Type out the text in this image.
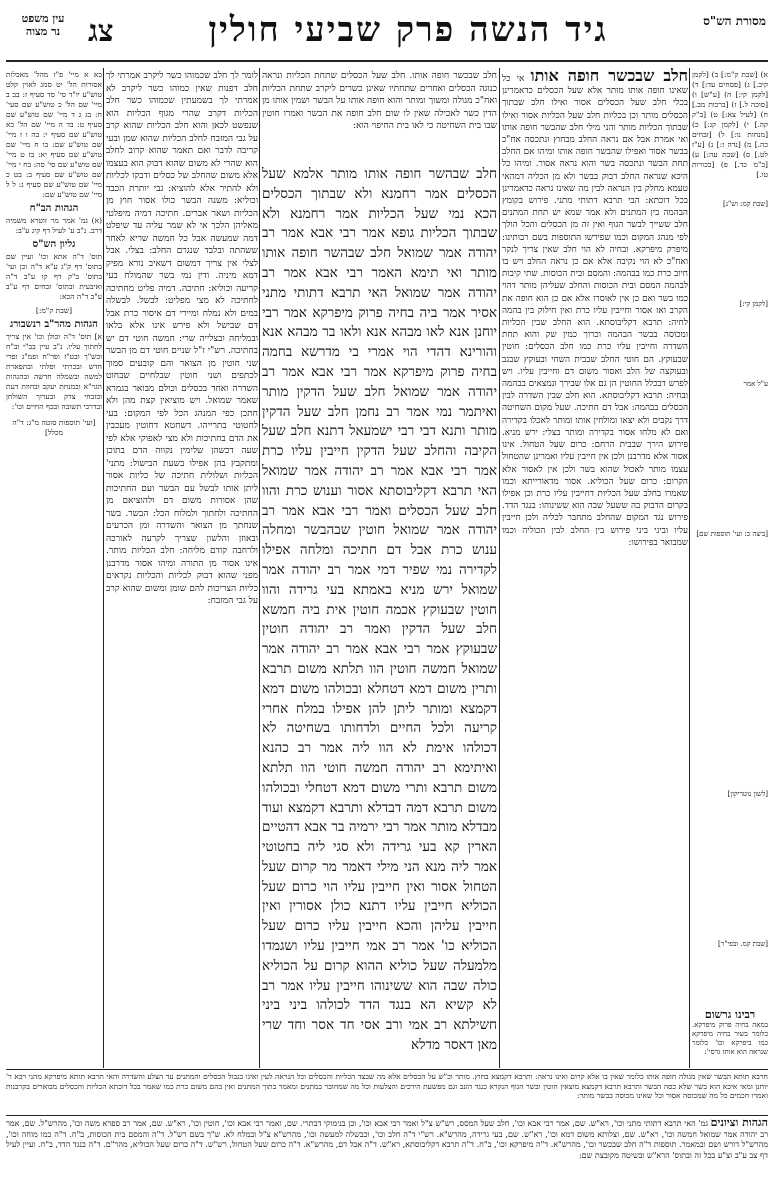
מסורת הש"ס
גיד הנשה פרק שביעי חולין
צג
עין משפט
נר מצוה

א) [שבת ק"מ:] ב) [לקמן קיב.] ג) [פסחים עד:] ד) [לקמן קי:] ה) [ע"ש] ו) [סוכה ל.] ז) [ברכות מב.] ח) [לעיל צא:] ט) [ב"ק קה.] י) [לקמן קג:] כ) [מנחות נו:] ל) [זבחים כה.] מ) [נדה ז:] נ) [ע"ז לט.] ס) [שבת עה:] ע) [ב"מ כד.] פ) [בכורות טו.]

[שבת קמ: וש"נ]
[לקמן קי:]
ע"ל אמר
[ביצה כ: ועי' תוספות שם]
[לשון נוטריקון]
[שבת קמ. ובפי"ר]

חלב שבכשר חופה אותו אי כל שאינו חופה אותו מותר אלא שעל הכסלים כדאמרינן בכלי חלב שעל הכסלים אסור ואילו חלב שבתוך הכסלים מותר וכן בכליות חלב שעל הכליות אסור ואילו שבתוך הכליות מותר והני מילי חלב שהבשר חופה אותו ואי אמרת אבל אם נראה החלב מבחוץ ונתכסה אח"כ בבשר אסור ואפילו שהבשר חופה אותו ומיהו אם החלב תחת הבשר ונתכסה בשר והוא נראה אסור. ומיהו כל היכא שנראה החלב דבוק בבשר ולא מן הכליה דמהאי טעמא מחלק בין הנראה לבין מה שאינו נראה כדאמרינן בכל דוכתא: הבי תרבא דתותי מתני. פירוש בקומץ הבהמה בין המתנים ולא אמר שמא יש תחת המתנים חלב ששייך לבשר הגוף ואין זה מן הכסלים והכל הולך לפי מנהג המקום וכמו שפירשו התוספות בשם רבותינו: מיפרק מיפרקא. ובחיה לא הוי חלב שאין צריך לנקר ואח"כ לא הוי נקיבה אלא אם כן נראה החלב ויש בו חיוב כרת כמו בבהמה: והמסם ובית הכוסות. שתי קיבות לבהמה המסם ובית הכוסות והחלב שעליהן מותר דהוי כמו בשר ואם כן אין לאוסרו אלא אם כן הוא חופה את הקרב ואז אסור וחייבין עליו כרת ואין חילוק בין בהמה לחיה: תרבא דקליבוסתא. הוא החלב שבין הכליות ומכוסה בבשר הבהמה וכרוך כמין שק והוא תחת השדרה וחייבין עליו כרת כמו חלב הכסלים: חוטין שבעוקץ. הם חוטי החלב שבבית השחי ובעוקץ שבגב ובעוקצה של הלב ואסור משום דם וחייבין עליו. ויש לפרש דבכלל החוטין הן גם אלו שבירך ונמצאים בבהמה ובחיה: תרבא דקליבוסתא. הוא חלב שבין השדרה לבין הכסלים בבהמה: אבל דם חתיכה. שעל מקום השחיטה דרך נקבים ולא יצאו ומולחין אותו ומותר לאכלו בקדירה ואם לא מלחו אסור בקדירה ומותר בצלי: ירש מניא. פירוש הירך שבבית הרחם: כרום שעל הטחול. אינו אסור אלא מדרבנן ולכן אין חייבין עליו ואמרינן שהטחול עצמו מותר לאכול שהוא בשר ולכן אין לאסור אלא הקרום: כרום שעל הכוליא. אסור מדאורייתא וכמו שאמרו בחלב שעל הכליות דחייבין עליו כרת וכן אפילו בקרום הדבוק בה ששעל שבה הוא ששינוהו: בנגד הדד. פירוש נגד המקום שהחלב מתחבר לכליה ולכן חייבין עליו וביני ביני פירוש בין החלב לבין הכוליה וכמו שמבואר בפירושו:

חלב שבכשר חופה אותו. חלב שעל הכסלים שתחת הכליות ונראה כנוגה הכסלים ואחרים שתחתיו שאינן כשרים ליקרב שתחת הכליות ואח"כ מגולה ומשוך ומותר והוא חופה אותו על הבשר ושמין אותו מן הדין כשר לאכילה שאין לו שום חלב חופה את הבשר ואמרו חוטין שבו בית השחיטה כי לאו בית החיפוי הוא:
חלב שבהשר חופה אותו מותר אלמא שעל הכסלים אמר רחמנא ולא שבתוך הכסלים הכא נמי שעל הכליות אמר רחמנא ולא שבתוך הכליות גופא אמר רבי אבא אמר רב יהודה אמר שמואל חלב שבהשר חופה אותו מותר ואי תימא האמר רבי אבא אמר רב יהודה אמר שמואל האי תרבא דתותי מתני אסיר אמר ביה בחיה פרוק מיפרקא אמר רבי יוחנן אנא לאו מבהא אנא ולאו בר מבהא אנא והורינא דהדי הוי אמרי בי מדרשא בחמה בחיה פרוק מיפרקא אמר רבי אבא אמר רב יהודה אמר שמואל חלב שעל הדקין מותר ואיתמר נמי אמר רב נחמן חלב שעל הדקין מותר ותנא דבי רבי ישמעאל דתנא חלב שעל הקיבה והחלב שעל הדקין חייבין עליו כרת אמר רבי אבא אמר רב יהודה אמר שמואל האי תרבא דקליבוסתא אסור וענוש כרת והוו חלב שעל הכסלים ואמר רבי אבא אמר רב יהודה אמר שמואל חוטין שבהבשר ומחלה ענוש כרת אבל דם חתיכה ומלחה אפילו לקדירה נמי שפיר דמי אמר רב יהודה אמר שמואל ירש מניא באמתא בעי גרידה והוו חוטין שבעוקץ אכמה חוטין אית ביה חמשא חלב שעל הדקין ואמר רב יהודה חוטין שבעוקץ אמר רבי אבא אמר רב יהודה אמר שמואל חמשה חוטין הוו תלתא משום תרבא ותרין משום דמא דטחלא ובכולהו משום דמא דקמצא ומותר ליתן להן אפילו במלח אחרי קריעה ולכל החיים ולדחותו בשחיטה לא דכולהו אימת לא הוו ליה אמר רב כהנא ואיתימא רב יהודה חמשה חוטי הוו תלתא משום תרבא ותרי משום דמא דטחלי ובכולהו משום תרבא דמה דבדלא ותרבא דקמצא ועוד מבדלא מותר אמר רבי ירמיה בר אבא דהטיים הארין קא בעי גרידה ולא סגי ליה בחטוטי אמר ליה מנא הני מילי דאמר מר קרום שעל הטחול אסור ואין חייבין עליו הוי כרום שעל הכוליא חייבין עליו דתנא כולן אסורין ואין חייבין עליהן והכא חייבין עליו כרום שעל הכוליא כו' אמר רב אמי חייבין עליו ושגמדו מלמעלה שעל כוליא ההוא קרום על הכוליא כולה שבה הוא ששינוהו חייבין עליו אמר רב לא קשיא הא בנגד הדד לכולהו ביני ביני חשילתא רב אמי ורב אסי חד אסר וחד שרי מאן דאסר מדלא

לומר לך חלב שכמוהו כשר ליקרב אמרתי לך חלב דפנות שאין כמוהו כשר ליקרב לא אמרתי לך בשמעתין שכמוהו כשר חלב הכליות דקרב שהרי מגוף הכליות הוא שנפשט לכאן והוא חלב הכליות שהוא קרב על גבי המזבח לחלב הכליות שהוא שמן ובעי קריבה לדבר ואם תאמר שהוא קרוב לחלב הוא שהרי לא משום שהוא דבוק הוא בעצמו אלא משום שהחלב של כסלים ודבקו לכליות ולא להתיר אלא להוציא: גבי יותרת הכבד וכוליא: משנה הבשר כולו אסור חוץ מן הכליות ושאר אברים. חתיכה דמיה מיפלטי מאליהן הלכך אי לא שמר עליה עד שיפלט דמה שמעשה אבל כל חמשה שריא לאחר ששהתה ובלבד שנגרם החלב: בצלי. אבל לצלי אין צריך דמשום דשאיב נורא מפיק דמא מיניה. ודין נמי בשר שהמולח בעי קריעה וכוליא: חתיכה. דמיה פליט מחתיכה לחתיכה לא מצי מפליט: לבשל. לבשלה במים ולא נמלח ומיירי דם איסור כרת אבל דם שבישל ולא פירש אינו אלא בלאו ובמליחה ובצלייה שרי: חמשה חוטי דם יש בחתיכה. רש"י ז"ל שניים חוטי דם מן הבשר שני חוטין מן הצואר והם קובעים סמוך לכתפים ושני חוטין שבלחיים שבחוט השדרה ואחד בכסלים וכולם מבואר בגמרא שאמר שמואל. ויש מוציאין קצת מהן ולא חתכן כפי המנהג הכל לפי המקום: בעי לחטוטי בתרייהו. דשחטא דחוטין מעכבין את הדם בחתיכות ולא מצי לאפוקי אלא לפי שעה דכשהן שלימין נקווה הדם בתוכן ומתקבץ בהן אפילו בשעת הבישול: מתני' הכליות ושלולית חתיכה של כליות אסור ליתן אותו לבשל עם הבשר ועם החתיכות שהן אסורות משום דם ולהוציאם מן החתיכה ולחתוך ולמלוח הכל: הבשר. בשר שנחתך מן הצואר והשדרה ומן הכרעים ובאוזן והלשון שצריך לקרעה לאורכה ולרחבה קודם מליחה: חלב הכליות מותר. אינו אסור מן התורה ומיהו אסור מדרבנן מפני שהוא דבוק לכליות והכליות נקראים כליות הצריכות להם שומן ומשום שהוא קרב על גבי המזבח:

בא א מיי' פ"ז מהל' מאכלות אסורות הל' יט סמג לאוין קלט טוש"ע יו"ד סי' סד סעיף ז: בב ב מיי' שם הל' כ טוש"ע שם סעי' ח: בג ג ד מיי' שם טוש"ע שם סעיף ט: בד ה מיי' שם הל' כא טוש"ע שם סעיף י: בה ו ז מיי' שם טוש"ע שם: בו ח מיי' שם טוש"ע שם סעיף יא: בז ט מיי' שם טוש"ע שם סי' סה: בח י מיי' שם טוש"ע שם סעיף ב: בט כ מיי' שם טוש"ע שם סעיף ג: ל ל מיי' שם טוש"ע שם:

הגהות הב"ח

(א) גמ' אמר מר זוטרא משמיה דרב. נ"ב ע' לעיל דף קיג ע"ב:

גליון הש"ס

תוס' ד"ה אתא וכו' ועיין שם בתוס' דף ק"ג ע"א ד"ה וכן ועי' בתוס' ב"ק דף קו ע"ב ד"ה ואיבעית ובתוס' זבחים דף ע"ב ע"ב ד"ה הכא:

[שבת ק"מ:]

הגהות מהר"ב רנשבורג

א] תוס' ד"ה וכולן וכו' אין צריך לחתוך עליו. נ"ב עיין בב"י וב"ח ובש"ך ובט"ז ופר"ח ופמ"ג ופרי חדש ובכרתי ופלתי ובתפארת למשה ובשמלה חדשה ובהגהות הגר"א ובמנחת יעקב ובחוות דעת ובזבחי צדק ובערוך השולחן ובדרכי תשובה ובכף החיים וכו':

[ועי' תוספות סוטה מ"ג: ד"ה מכלל]

רבינו גרשום
במאה בחיה פרוק מיפרקא. כלומר בשור בחיה מיפרקא כמו ביפרקא וכו' כלומר שנראה הוא אותו גרסי':
חרבא תותא הבשר שאין מגולה חופה אותו כלומר שאין בו אלא קרום ואינו נראה: ותרבא דקמצא בחוץ. מותר וכ"ש על הכסלים אלא מה שבצד הכליות והכסלים וכל הנראה לעין ואינו בגבול הכסלים והמתנים עד הצלע והשדרה והאי תרבא תותא מיפרקא מהני רבא ר' יוחנן ומאי איכא הוא בשר שלא כסה הבשר ותרבא תרבא דקמצא מוצאין חוטין ובשר הגוף הנקרא כנגד הזנב וגם מפשעת הירכים והצלעות וכל מה שמחובר במתנים ומאמר בתוך המתנים ואין בהם משום כרת כמו שאמר בכל דוכתא הכליות והכסלים מבוארים בקרבנות ואמרו חכמים כל מה שמכוסה אסור וכל שאינו מכוסה בבשר מותר:
הגהות וציונים גמ' האי תרבא דתותי מתני וכו', רא"ש. שם, אמר רבי אבא וכו', חלב שעל המסס, רש"ש צ"ל ואמר רבי אבא וכו', וכן בנימוקי דבתרי. שם, ואמר רבי אבא וכו', חוטין וכו', רא"ש. שם, אמר רב ספרא משה וכו', מהרש"ל. שם, אמר רב יהודה אמר שמואל חמשה וכו', רא"ש. שם, וצלותא משום דמא וכו', רא"ש. שם, בעי גרידה, מהרש"א. רש"י ד"ה חלב וכו', וכבשלה למעשה וכו', מהרש"א צ"ל ובמלח לא. ש"ך בשם רש"ל. ד"ה והמסם בית הכוסות, ב"ח. ד"ה כמו מוחה וכו', מהרש"ל דורש ושם ובמאמר. תוספות ד"ה חלב שבכשר וכו', מהרש"א. ד"ה מיפרקא וכו', ב"ח. ד"ה תרבא דקליבוסתא, רא"ש. ד"ה אבל דם, מהרש"א. ד"ה כרום שעל הטחול, רש"ש. ד"ה כרום שעל הכוליא, מהר"ם. ד"ה בנגד הדד, ב"ח. ועיין לעיל דף צב ע"ב וצ"ע בכל זה ובתוס' הרא"ש ובשיטה מקובצת שם:
